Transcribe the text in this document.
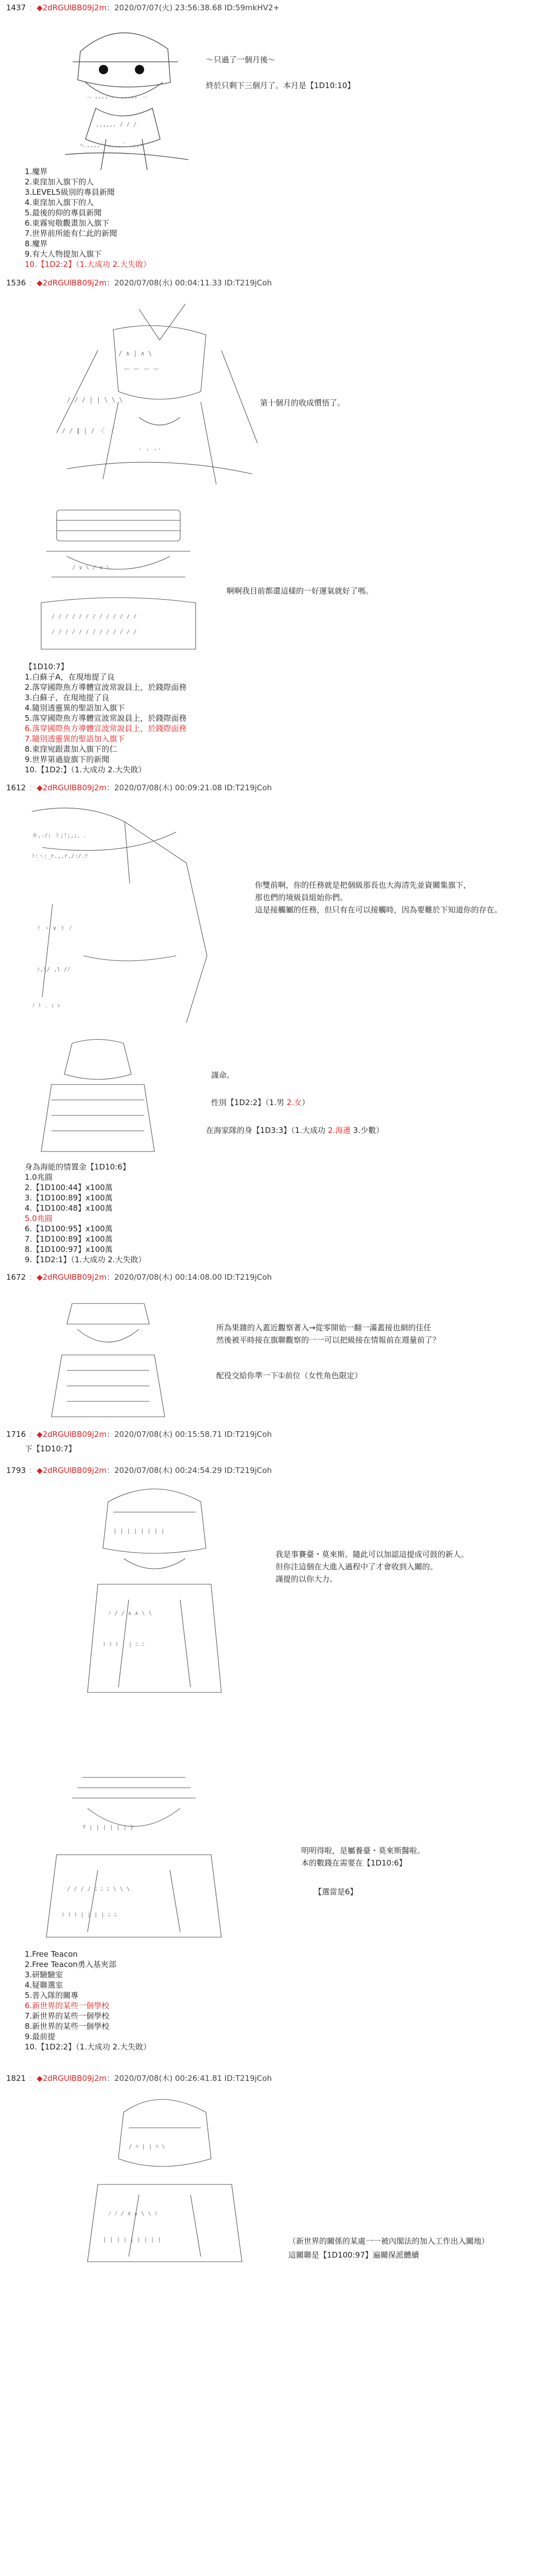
1437 ：◆2dRGUlBB09j2m：2020/07/07(火) 23:56:38.68 ID:59mkHV2+
﹁ ,,,, ︵ ,,,,, ﹁
,,,,,, / / /
ﾍ.,,,, ﾟ ,,,, ﾟ ,,,ﾍ
～只過了一個月後～
終於只剩下三個月了。本月是【1D10:10】
1.魔界
2.東窪加入旗下的人
3.LEVEL5級別的專員新聞
4.東窪加入旗下的人
5.最後的仰的專員新聞
6.東霧宛敬觀畫加入旗下
7.世界前所能有仁此的新聞
8.魔界
9.有大人物提加入旗下
10.【1D2:2】（1.大成功 2.大失敗）
1536 ：◆2dRGUlBB09j2m：2020/07/08(水) 00:04:11.33 ID:T219jCoh
/ ∧ | ∧ \
ー ー ー ー
/ / / | | \ \ \
/ / ∥ | / 〈 〈
ﾞ ' ' ﾞ
第十個月的收成慣悟了。
/ ∨ \ / ∨ \
/ / / / / / / / / / / / /
/ / / / / / / / / / / / /
啊啊我目前都還這樣的一好運氣就好了嗎。
【1D10:7】
1.白蘇子A，在現地提了良
2.落穿國際魚方導體宣波常說員上，於錢際面務
3.白蘇子，在現地提了良
4.隨別透靈異的聖語加入旗下
5.落穿國際魚方導體宣波常說員上，於錢際面務
6.落穿國際魚方導體宣波常說員上，於錢際面務
7.隨別透靈異的聖語加入旗下
8.東窪宛跟畫加入旗下的仁
9.世界第過旋旗下的新聞
10.【1D2:】（1.大成功 2.大失敗）
1612 ：◆2dRGUlBB09j2m：2020/07/08(木) 00:09:21.08 ID:T219jCoh
キ,-/; ト;!;,;、.
ﾄ:ヽ:_r.,,r,/:/.ﾂ
! ヽ ∨ ト ﾉ
ﾝ,\/ ,l /ﾉ
ﾉ ﾄ . ｨ ﾚ
你雙前啊，你的任務就是把個級那長也大海清先並資關集旗下，
那也們的境級員組始你們。
這是接觸屬的任務，但只有在可以接觸時，因為要難於下知道你的存在。
謹命。
性別【1D2:2】（1.男 2.女）
在海家隊的身【1D3:3】（1.大成功 2.海邊 3.少數）
身為海能的情置金【1D10:6】
1.0兆圓
2.【1D100:44】x100萬
3.【1D100:89】x100萬
4.【1D100:48】x100萬
5.0兆圓
6.【1D100:95】x100萬
7.【1D100:89】x100萬
8.【1D100:97】x100萬
9.【1D2:1】（1.大成功 2.大失敗）
1672 ：◆2dRGUlBB09j2m：2020/07/08(木) 00:14:08.00 ID:T219jCoh
所為果雜的入蓋近觀察著入→從零開始一翻一滿蓋接也網的佳任
然後被平時接在旗聯觀察的一一可以把級接在情報前在週量前了？
配役交給你準一下①前位（女性角色限定）
1716 ：◆2dRGUlBB09j2m：2020/07/08(木) 00:15:58.71 ID:T219jCoh
下【1D10:7】
1793 ：◆2dRGUlBB09j2m：2020/07/08(木) 00:24:54.29 ID:T219jCoh
| | | | | | | |
ﾉ / / ∧ ∧ \ \
ﾄ ﾄ ﾄ | | ﾆ ﾆ
我是事賽臺・莫來斯。隨此可以加認這提成可鼓的新人。
但你注這個在大進入過程中了才會收到入關的。
謹提的以你大力。
f | | | | | | }
/ / / / ﾆ ﾆ ﾆ \ \ \
ﾄ ﾄ ﾄ | | | | ﾆ ﾆ
明明得啦，是屬養臺・莫來斯醫啦。
本的數錢在需要在【1D10:6】
【選當是6】
1.Free Teacon
2.Free Teacon勇入基夾部
3.研驗驗室
4.疑聯選室
5.普入隊的關專
6.新世界的某些一個學校
7.新世界的某些一個學校
8.新世界的某些一個學校
9.最前提
10.【1D2:2】（1.大成功 2.大失敗）
1821 ：◆2dRGUlBB09j2m：2020/07/08(木) 00:26:41.81 ID:T219jCoh
/ ﾊ | | ﾊ \
ﾉ ﾉ / ∧ ∧ \ \ ﾄ
| | | | | | | | |	（新世界的關係的某處一一被內閣法的加入工作出入關地）
這關聯是【1D100:97】遍關保派體續
